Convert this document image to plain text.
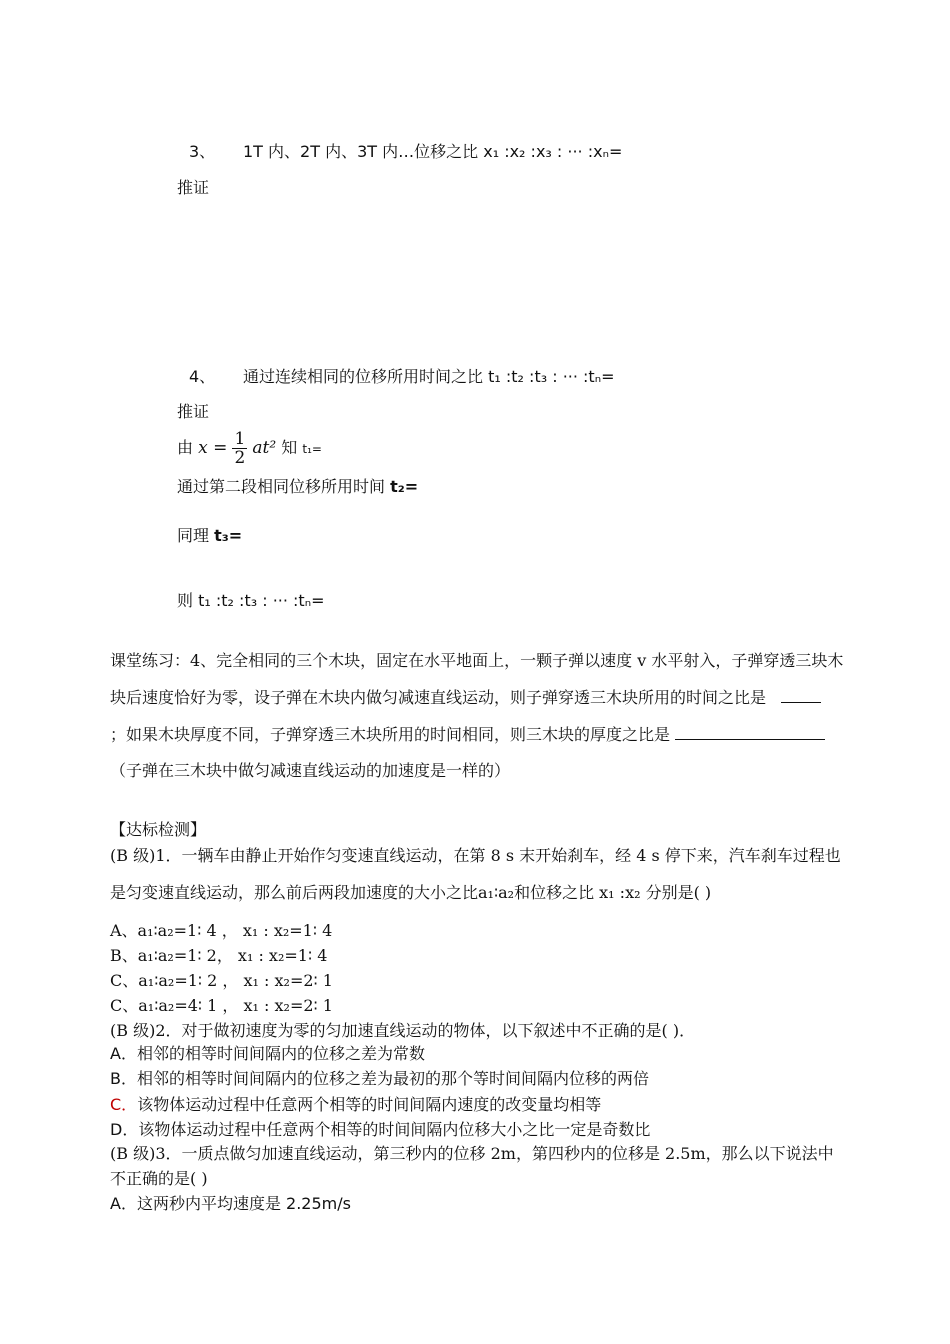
3、 1T 内、2T 内、3T 内…位移之比 x₁ :x₂ :x₃ : ··· :xₙ=
推证
4、 通过连续相同的位移所用时间之比 t₁ :t₂ :t₃ : ··· :tₙ=
推证
由 $x = \frac{1}{2} at^2$ 知 t₁=
通过第二段相同位移所用时间 t₂=
同理 t₃=
则 t₁ :t₂ :t₃ : ··· :tₙ=
课堂练习：4、完全相同的三个木块，固定在水平地面上，一颗子弹以速度 v 水平射入，子弹穿透三块木
块后速度恰好为零，设子弹在木块内做匀减速直线运动，则子弹穿透三木块所用的时间之比是
；如果木块厚度不同，子弹穿透三木块所用的时间相同，则三木块的厚度之比是
（子弹在三木块中做匀减速直线运动的加速度是一样的）
【达标检测】
(B 级)1．一辆车由静止开始作匀变速直线运动，在第 8 s 末开始刹车，经 4 s 停下来，汽车刹车过程也
是匀变速直线运动，那么前后两段加速度的大小之比a₁∶a₂和位移之比 x₁ :x₂ 分别是( )
A、a₁∶a₂=1∶ 4 ， x₁ : x₂=1∶ 4
B、a₁∶a₂=1∶ 2， x₁ : x₂=1∶ 4
C、a₁∶a₂=1∶ 2 ， x₁ : x₂=2∶ 1
C、a₁∶a₂=4∶ 1 ， x₁ : x₂=2∶ 1
(B 级)2．对于做初速度为零的匀加速直线运动的物体，以下叙述中不正确的是( )．
A．相邻的相等时间间隔内的位移之差为常数
B．相邻的相等时间间隔内的位移之差为最初的那个等时间间隔内位移的两倍
C．该物体运动过程中任意两个相等的时间间隔内速度的改变量均相等
D．该物体运动过程中任意两个相等的时间间隔内位移大小之比一定是奇数比
(B 级)3．一质点做匀加速直线运动，第三秒内的位移 2m，第四秒内的位移是 2.5m，那么以下说法中
不正确的是( )
A．这两秒内平均速度是 2.25m/s
